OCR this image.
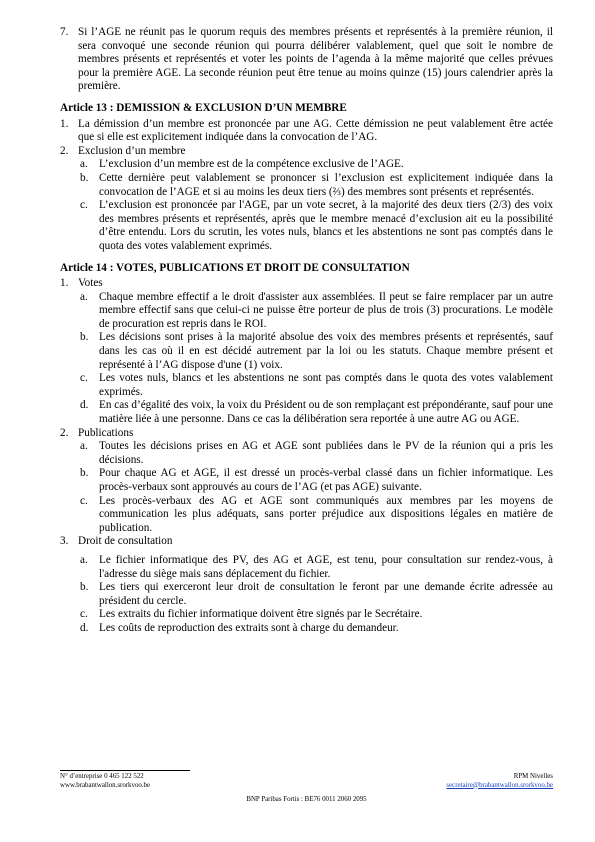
7. Si l’AGE ne réunit pas le quorum requis des membres présents et représentés à la première réunion, il sera convoqué une seconde réunion qui pourra délibérer valablement, quel que soit le nombre de membres présents et représentés et voter les points de l’agenda à la même majorité que celles prévues pour la première AGE. La seconde réunion peut être tenue au moins quinze (15) jours calendrier après la première.
Article 13 : DEMISSION & EXCLUSION D’UN MEMBRE
1. La démission d’un membre est prononcée par une AG. Cette démission ne peut valablement être actée que si elle est explicitement indiquée dans la convocation de l’AG.
2. Exclusion d’un membre
a. L’exclusion d’un membre est de la compétence exclusive de l’AGE.
b. Cette dernière peut valablement se prononcer si l’exclusion est explicitement indiquée dans la convocation de l’AGE et si au moins les deux tiers (⅔) des membres sont présents et représentés.
c. L’exclusion est prononcée par l'AGE, par un vote secret, à la majorité des deux tiers (2/3) des voix des membres présents et représentés, après que le membre menacé d’exclusion ait eu la possibilité d’être entendu. Lors du scrutin, les votes nuls, blancs et les abstentions ne sont pas comptés dans le quota des votes valablement exprimés.
Article 14 : VOTES, PUBLICATIONS ET DROIT DE CONSULTATION
1. Votes
a. Chaque membre effectif a le droit d'assister aux assemblées. Il peut se faire remplacer par un autre membre effectif sans que celui-ci ne puisse être porteur de plus de trois (3) procurations. Le modèle de procuration est repris dans le ROI.
b. Les décisions sont prises à la majorité absolue des voix des membres présents et représentés, sauf dans les cas où il en est décidé autrement par la loi ou les statuts. Chaque membre présent et représenté à l’AG dispose d'une (1) voix.
c. Les votes nuls, blancs et les abstentions ne sont pas comptés dans le quota des votes valablement exprimés.
d. En cas d’égalité des voix, la voix du Président ou de son remplaçant est prépondérante, sauf pour une matière liée à une personne. Dans ce cas la délibération sera reportée à une autre AG ou AGE.
2. Publications
a. Toutes les décisions prises en AG et AGE sont publiées dans le PV de la réunion qui a pris les décisions.
b. Pour chaque AG et AGE, il est dressé un procès-verbal classé dans un fichier informatique. Les procès-verbaux sont approuvés au cours de l’AG (et pas AGE) suivante.
c. Les procès-verbaux des AG et AGE sont communiqués aux membres par les moyens de communication les plus adéquats, sans porter préjudice aux dispositions légales en matière de publication.
3. Droit de consultation
a. Le fichier informatique des PV, des AG et AGE, est tenu, pour consultation sur rendez-vous, à l'adresse du siège mais sans déplacement du fichier.
b. Les tiers qui exerceront leur droit de consultation le feront par une demande écrite adressée au président du cercle.
c. Les extraits du fichier informatique doivent être signés par le Secrétaire.
d. Les coûts de reproduction des extraits sont à charge du demandeur.
N° d’entreprise 0 465 122 522	RPM Nivelles
www.brabantwallon.srorkvoo.be	secretaire@brabantwallon.srorkvoo.be
BNP Paribas Fortis : BE76 0011 2060 2095
